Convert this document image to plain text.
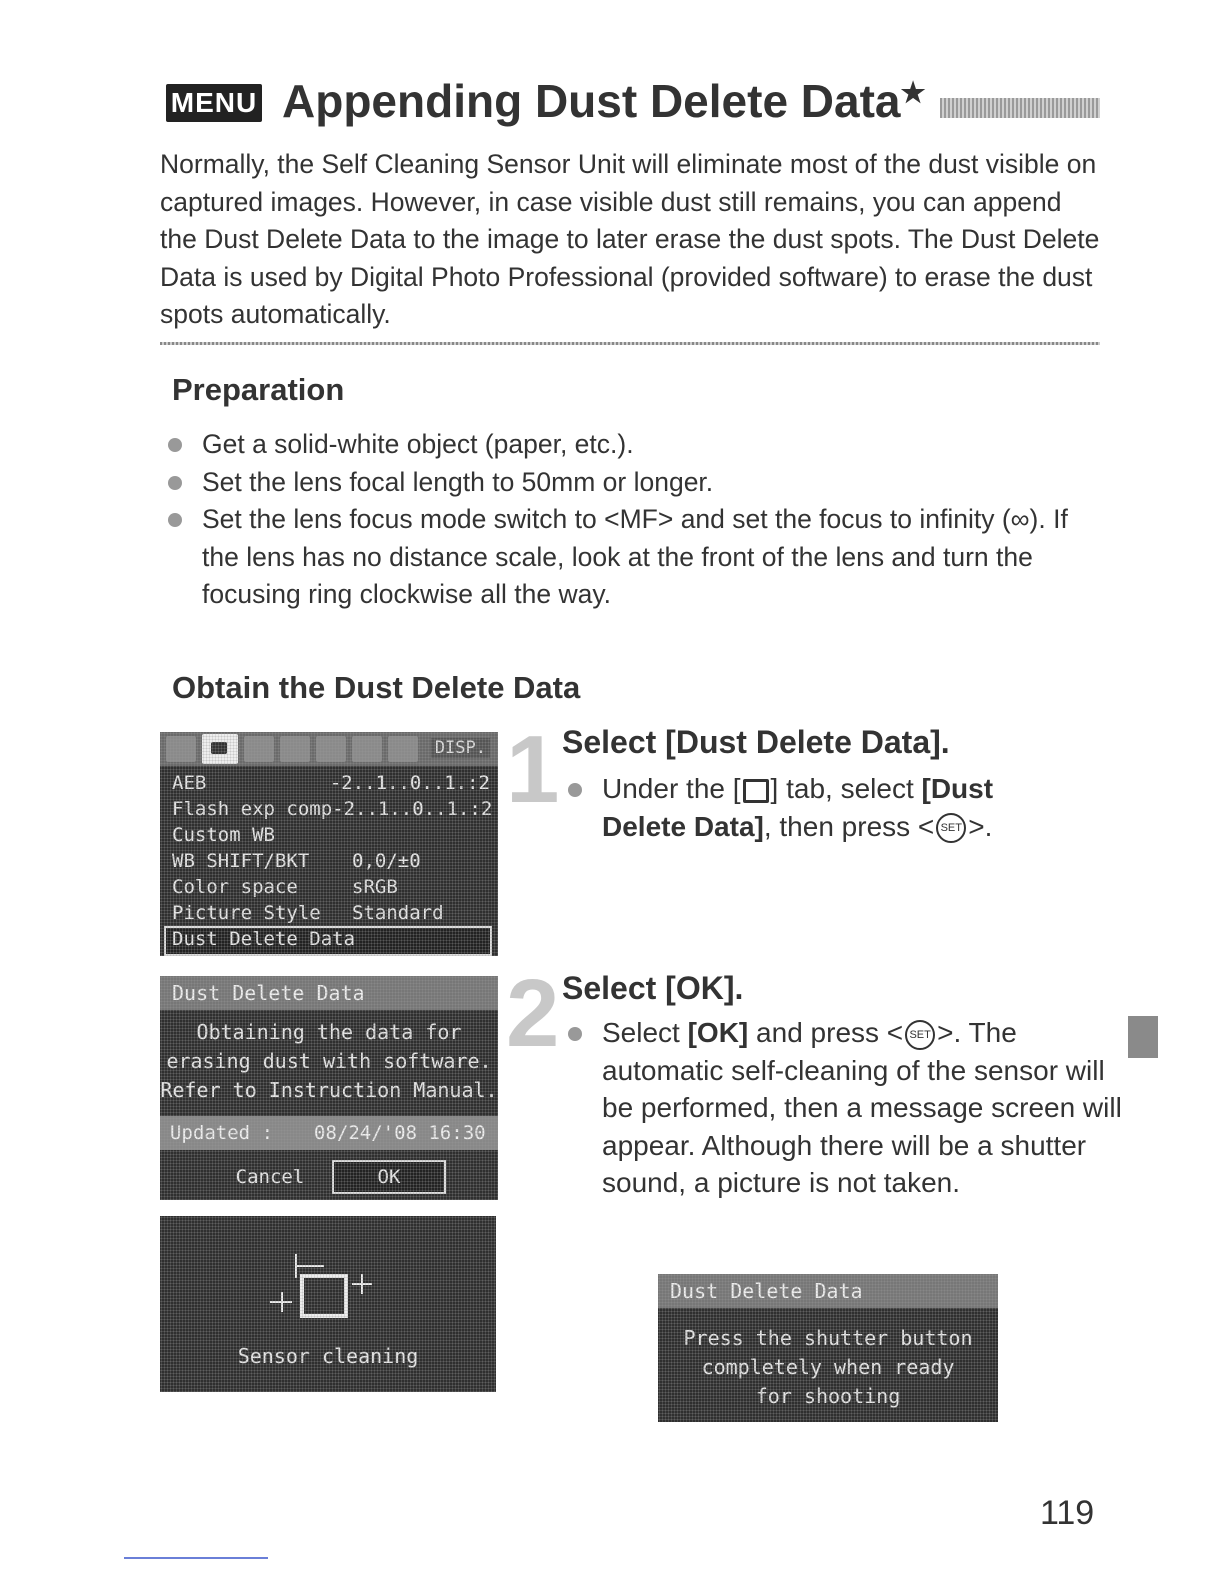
MENU Appending Dust Delete Data★
Normally, the Self Cleaning Sensor Unit will eliminate most of the dust visible on captured images. However, in case visible dust still remains, you can append the Dust Delete Data to the image to later erase the dust spots. The Dust Delete Data is used by Digital Photo Professional (provided software) to erase the dust spots automatically.
Preparation
Get a solid-white object (paper, etc.).
Set the lens focal length to 50mm or longer.
Set the lens focus mode switch to <MF> and set the focus to infinity (∞). If the lens has no distance scale, look at the front of the lens and turn the focusing ring clockwise all the way.
Obtain the Dust Delete Data
DISP.
AEB	-2..1..0..1.:2
Flash exp comp -2..1..0..1.:2
Custom WB
WB SHIFT/BKT	0,0/±0
Color space	sRGB
Picture Style	Standard
Dust Delete Data
Dust Delete Data
Obtaining the data for
erasing dust with software.
Refer to Instruction Manual.
Updated : 08/24/'08 16:30
Cancel	OK
Sensor cleaning
1 Select [Dust Delete Data].
Under the [ ] tab, select [Dust Delete Data], then press < SET >.
2 Select [OK].
Select [OK] and press < SET >. The automatic self-cleaning of the sensor will be performed, then a message screen will appear. Although there will be a shutter sound, a picture is not taken.
Dust Delete Data
Press the shutter button
completely when ready
for shooting
119
